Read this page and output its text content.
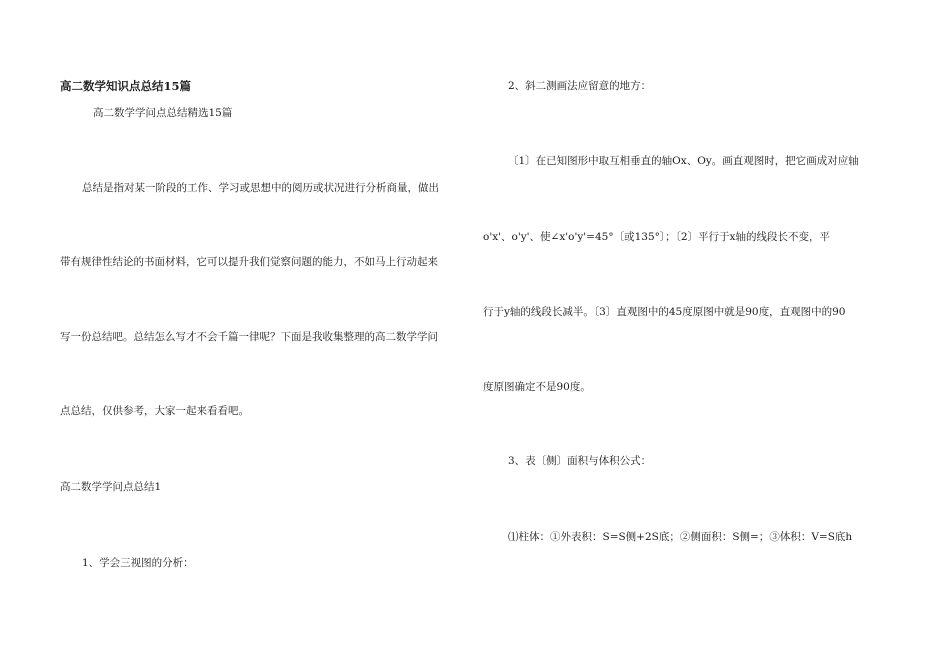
高二数学知识点总结15篇
高二数学学问点总结精选15篇
总结是指对某一阶段的工作、学习或思想中的阅历或状况进行分析商量，做出
带有规律性结论的书面材料，它可以提升我们觉察问题的能力，不如马上行动起来
写一份总结吧。总结怎么写才不会千篇一律呢？下面是我收集整理的高二数学学问
点总结，仅供参考，大家一起来看看吧。
高二数学学问点总结1
1、学会三视图的分析：
2、斜二测画法应留意的地方：
〔1〕在已知图形中取互相垂直的轴Ox、Oy。画直观图时，把它画成对应轴
o'x'、o'y'、使∠x'o'y'=45°〔或135°〕；〔2〕平行于x轴的线段长不变，平
行于y轴的线段长减半。〔3〕直观图中的45度原图中就是90度，直观图中的90
度原图确定不是90度。
3、表〔侧〕面积与体积公式：
⑴柱体：①外表积：S=S侧+2S底；②侧面积：S侧=；③体积：V=S底h
